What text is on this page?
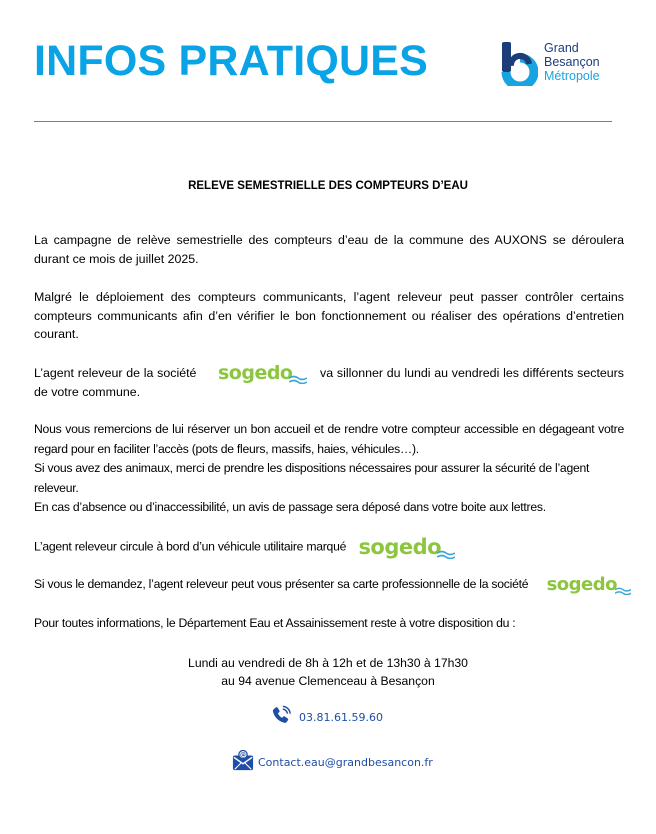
INFOS PRATIQUES	Grand
Besançon
Métropole
RELEVE SEMESTRIELLE DES COMPTEURS D’EAU
La campagne de relève semestrielle des compteurs d’eau de la commune des AUXONS se déroulera durant ce mois de juillet 2025.
Malgré le déploiement des compteurs communicants, l’agent releveur peut passer contrôler certains compteurs communicants afin d’en vérifier le bon fonctionnement ou réaliser des opérations d’entretien courant.
L’agent releveur de la société sogedo va sillonner du lundi au vendredi les différents secteurs de votre commune.
Nous vous remercions de lui réserver un bon accueil et de rendre votre compteur accessible en dégageant votre regard pour en faciliter l’accès (pots de fleurs, massifs, haies, véhicules…).
Si vous avez des animaux, merci de prendre les dispositions nécessaires pour assurer la sécurité de l’agent releveur.
En cas d’absence ou d’inaccessibilité, un avis de passage sera déposé dans votre boite aux lettres.
L’agent releveur circule à bord d’un véhicule utilitaire marqué sogedo
Si vous le demandez, l’agent releveur peut vous présenter sa carte professionnelle de la société sogedo
Pour toutes informations, le Département Eau et Assainissement reste à votre disposition du :
Lundi au vendredi de 8h à 12h et de 13h30 à 17h30
au 94 avenue Clemenceau à Besançon
03.81.61.59.60
@
Contact.eau@grandbesancon.fr
